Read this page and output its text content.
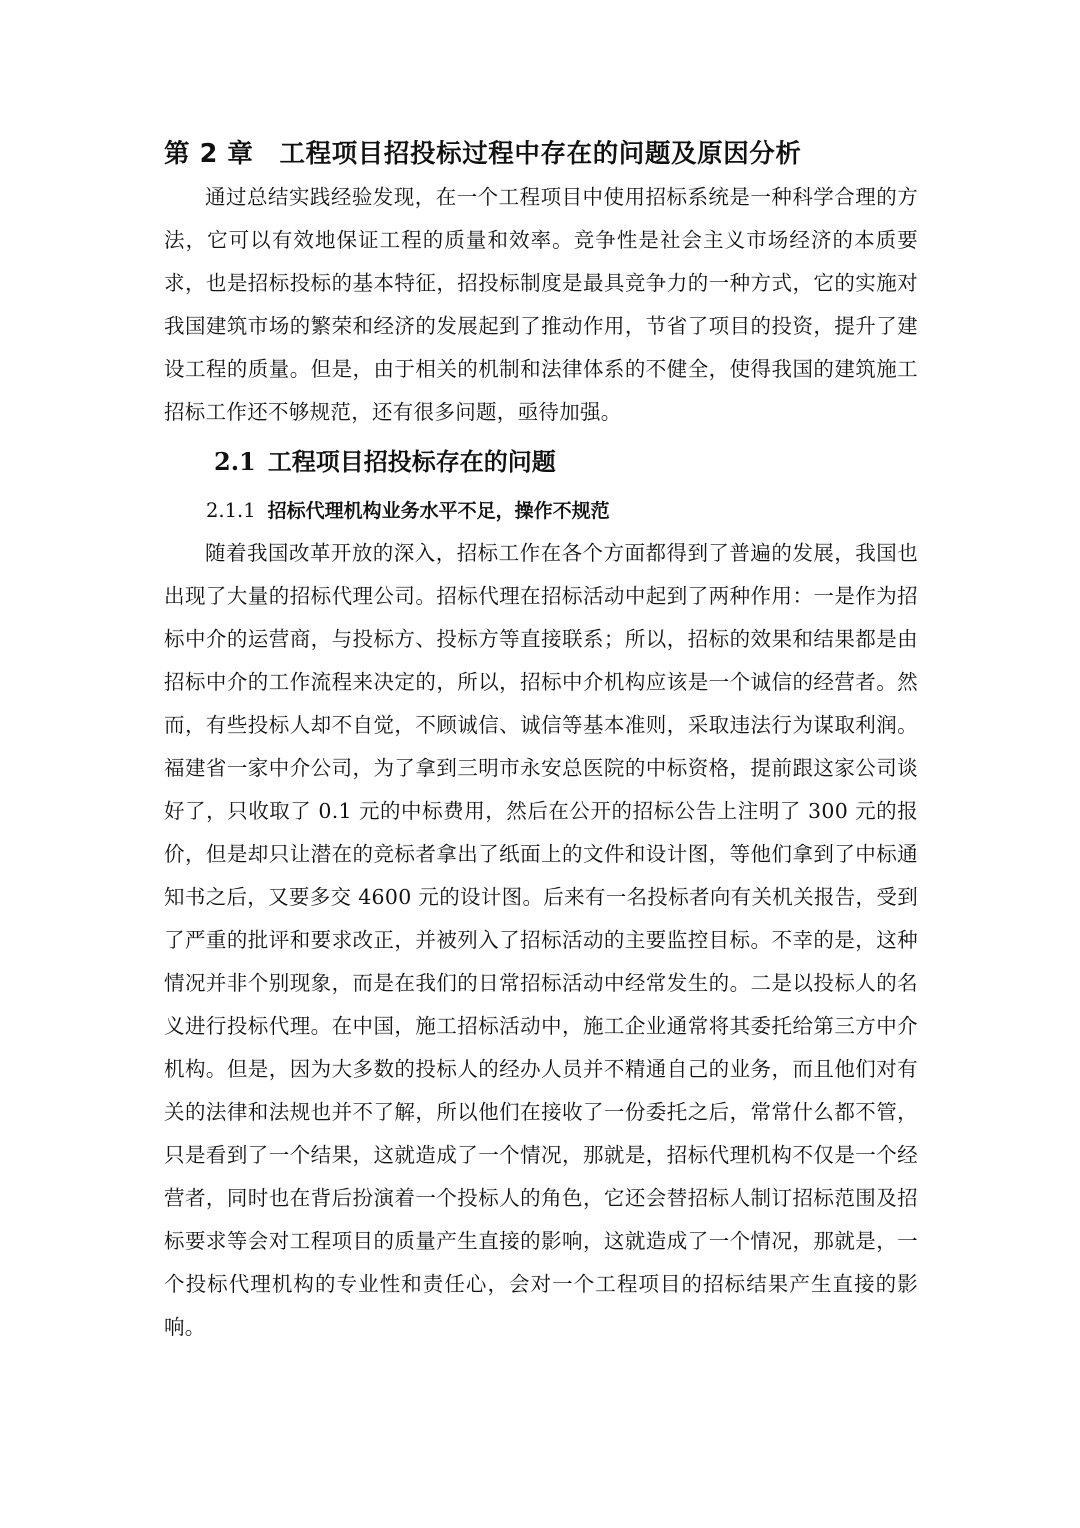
第 2 章 工程项目招投标过程中存在的问题及原因分析

通过总结实践经验发现，在一个工程项目中使用招标系统是一种科学合理的方法，它可以有效地保证工程的质量和效率。竞争性是社会主义市场经济的本质要求，也是招标投标的基本特征，招投标制度是最具竞争力的一种方式，它的实施对我国建筑市场的繁荣和经济的发展起到了推动作用，节省了项目的投资，提升了建设工程的质量。但是，由于相关的机制和法律体系的不健全，使得我国的建筑施工招标工作还不够规范，还有很多问题，亟待加强。

2.1 工程项目招投标存在的问题
2.1.1 招标代理机构业务水平不足，操作不规范

随着我国改革开放的深入，招标工作在各个方面都得到了普遍的发展，我国也出现了大量的招标代理公司。招标代理在招标活动中起到了两种作用：一是作为招标中介的运营商，与投标方、投标方等直接联系；所以，招标的效果和结果都是由招标中介的工作流程来决定的，所以，招标中介机构应该是一个诚信的经营者。然而，有些投标人却不自觉，不顾诚信、诚信等基本准则，采取违法行为谋取利润。福建省一家中介公司，为了拿到三明市永安总医院的中标资格，提前跟这家公司谈好了，只收取了 0.1 元的中标费用，然后在公开的招标公告上注明了 300 元的报价，但是却只让潜在的竞标者拿出了纸面上的文件和设计图，等他们拿到了中标通知书之后，又要多交 4600 元的设计图。后来有一名投标者向有关机关报告，受到了严重的批评和要求改正，并被列入了招标活动的主要监控目标。不幸的是，这种情况并非个别现象，而是在我们的日常招标活动中经常发生的。二是以投标人的名义进行投标代理。在中国，施工招标活动中，施工企业通常将其委托给第三方中介机构。但是，因为大多数的投标人的经办人员并不精通自己的业务，而且他们对有关的法律和法规也并不了解，所以他们在接收了一份委托之后，常常什么都不管，只是看到了一个结果，这就造成了一个情况，那就是，招标代理机构不仅是一个经营者，同时也在背后扮演着一个投标人的角色，它还会替招标人制订招标范围及招标要求等会对工程项目的质量产生直接的影响，这就造成了一个情况，那就是，一个投标代理机构的专业性和责任心，会对一个工程项目的招标结果产生直接的影响。
